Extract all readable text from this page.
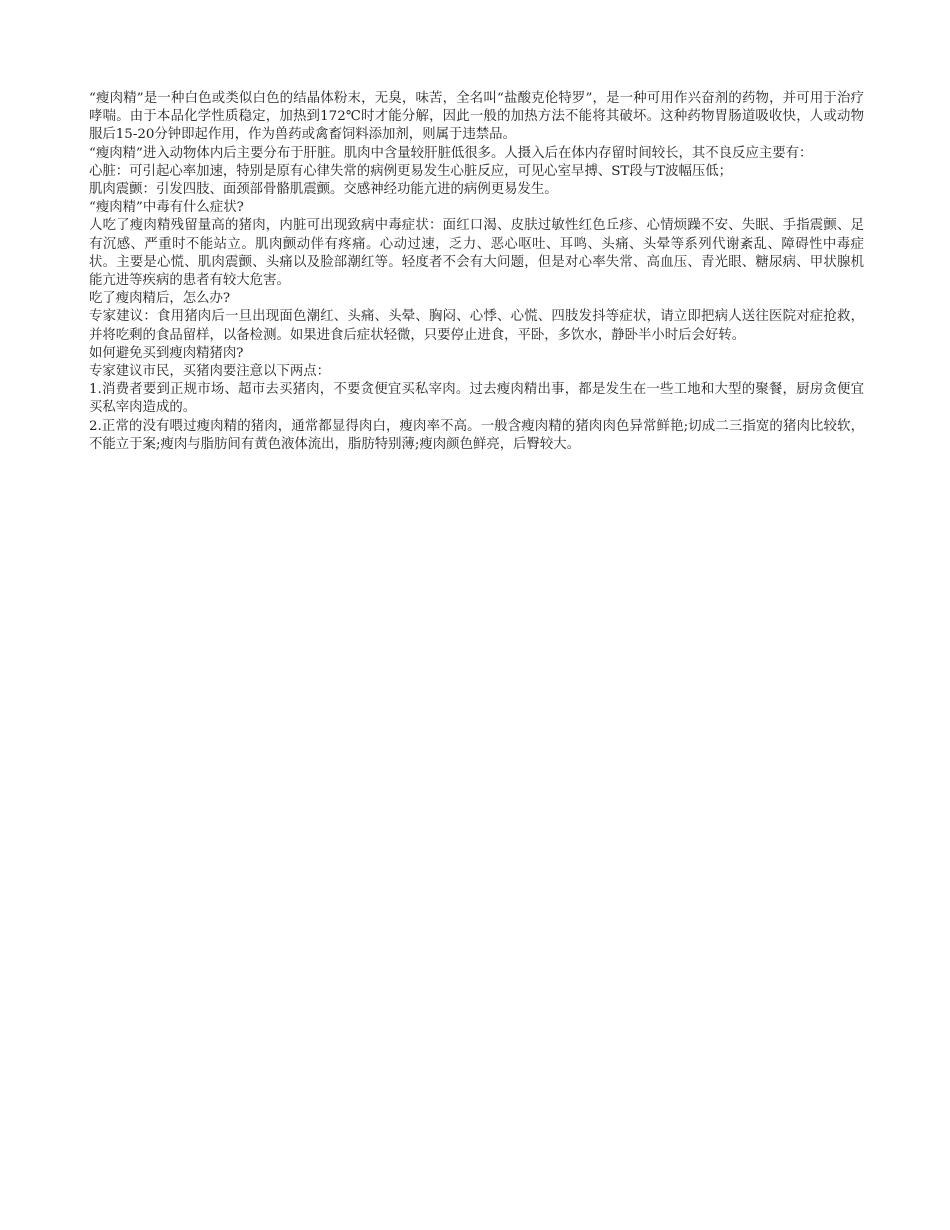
“瘦肉精”是一种白色或类似白色的结晶体粉末，无臭，味苦，全名叫“盐酸克伦特罗”，是一种可用作兴奋剂的药物，并可用于治疗哮喘。由于本品化学性质稳定，加热到172℃时才能分解，因此一般的加热方法不能将其破坏。这种药物胃肠道吸收快，人或动物服后15-20分钟即起作用，作为兽药或禽畜饲料添加剂，则属于违禁品。

“瘦肉精”进入动物体内后主要分布于肝脏。肌肉中含量较肝脏低很多。人摄入后在体内存留时间较长，其不良反应主要有：

心脏：可引起心率加速，特别是原有心律失常的病例更易发生心脏反应，可见心室早搏、ST段与T波幅压低；

肌肉震颤：引发四肢、面颈部骨骼肌震颤。交感神经功能亢进的病例更易发生。

“瘦肉精”中毒有什么症状?

人吃了瘦肉精残留量高的猪肉，内脏可出现致病中毒症状：面红口渴、皮肤过敏性红色丘疹、心情烦躁不安、失眠、手指震颤、足有沉感、严重时不能站立。肌肉颤动伴有疼痛。心动过速，乏力、恶心呕吐、耳鸣、头痛、头晕等系列代谢紊乱、障碍性中毒症状。主要是心慌、肌肉震颤、头痛以及脸部潮红等。轻度者不会有大问题，但是对心率失常、高血压、青光眼、糖尿病、甲状腺机能亢进等疾病的患者有较大危害。

吃了瘦肉精后，怎么办?

专家建议：食用猪肉后一旦出现面色潮红、头痛、头晕、胸闷、心悸、心慌、四肢发抖等症状，请立即把病人送往医院对症抢救，并将吃剩的食品留样，以备检测。如果进食后症状轻微，只要停止进食，平卧，多饮水，静卧半小时后会好转。

如何避免买到瘦肉精猪肉?

专家建议市民，买猪肉要注意以下两点：

1.消费者要到正规市场、超市去买猪肉，不要贪便宜买私宰肉。过去瘦肉精出事，都是发生在一些工地和大型的聚餐，厨房贪便宜买私宰肉造成的。

2.正常的没有喂过瘦肉精的猪肉，通常都显得肉白，瘦肉率不高。一般含瘦肉精的猪肉肉色异常鲜艳;切成二三指宽的猪肉比较软，不能立于案;瘦肉与脂肪间有黄色液体流出，脂肪特别薄;瘦肉颜色鲜亮，后臀较大。
